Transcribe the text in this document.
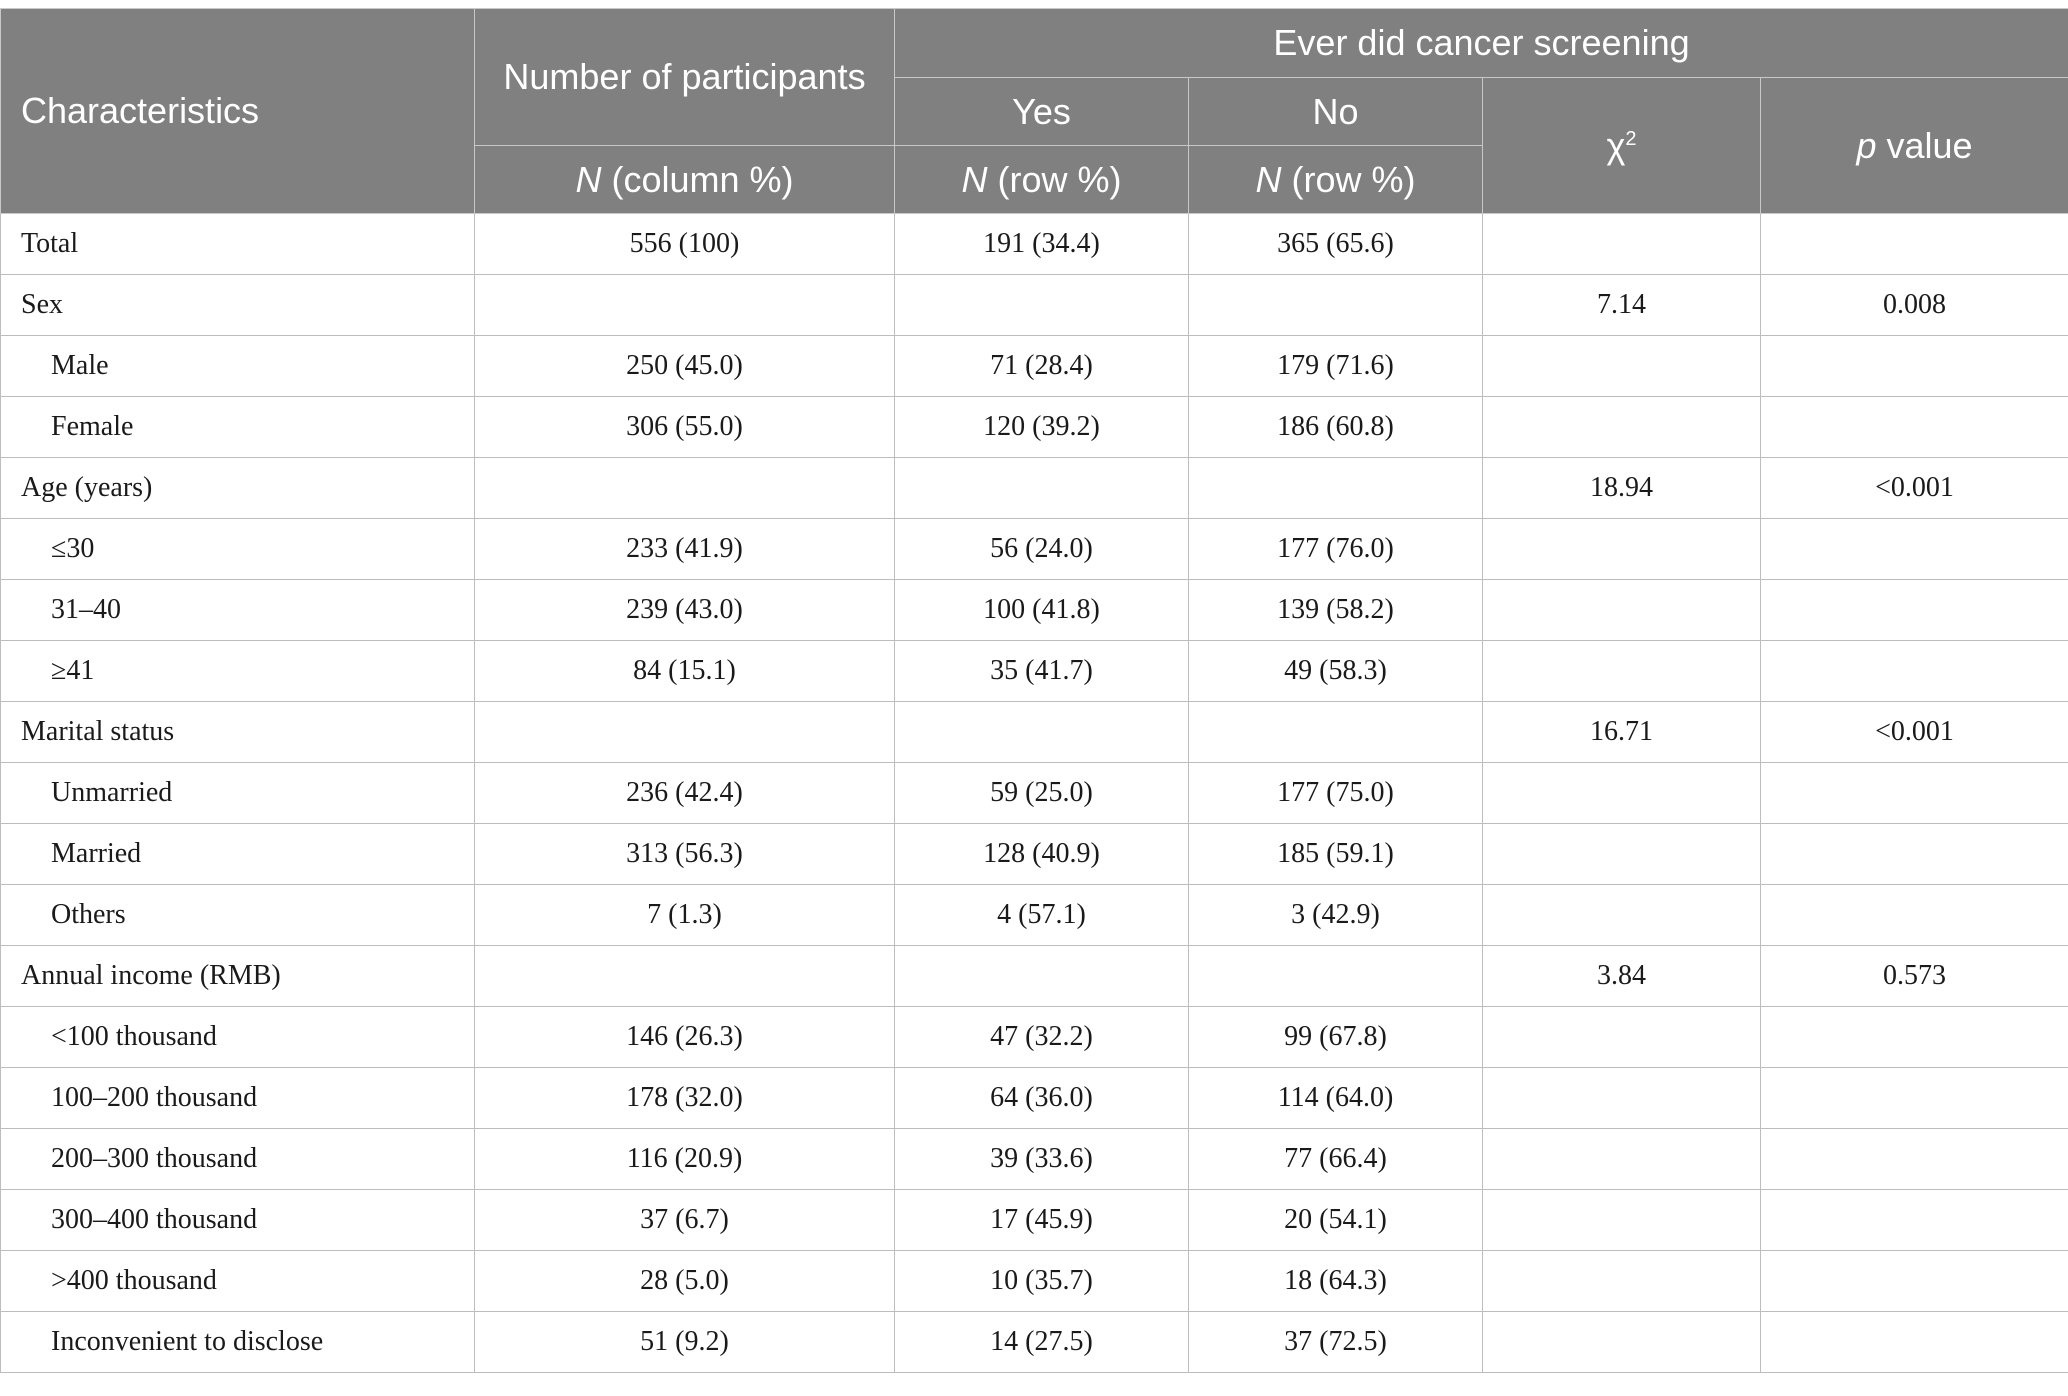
Characteristics	Number of participants	Ever did cancer screening			
		Yes	No	$\chi^2$	p value
	N (column %)	N (row %)	N (row %)		
Total	556 (100)	191 (34.4)	365 (65.6)		
Sex				7.14	0.008
Male	250 (45.0)	71 (28.4)	179 (71.6)		
Female	306 (55.0)	120 (39.2)	186 (60.8)		
Age (years)				18.94	<0.001
≤30	233 (41.9)	56 (24.0)	177 (76.0)		
31–40	239 (43.0)	100 (41.8)	139 (58.2)		
≥41	84 (15.1)	35 (41.7)	49 (58.3)		
Marital status				16.71	<0.001
Unmarried	236 (42.4)	59 (25.0)	177 (75.0)		
Married	313 (56.3)	128 (40.9)	185 (59.1)		
Others	7 (1.3)	4 (57.1)	3 (42.9)		
Annual income (RMB)				3.84	0.573
<100 thousand	146 (26.3)	47 (32.2)	99 (67.8)		
100–200 thousand	178 (32.0)	64 (36.0)	114 (64.0)		
200–300 thousand	116 (20.9)	39 (33.6)	77 (66.4)		
300–400 thousand	37 (6.7)	17 (45.9)	20 (54.1)		
>400 thousand	28 (5.0)	10 (35.7)	18 (64.3)		
Inconvenient to disclose	51 (9.2)	14 (27.5)	37 (72.5)		
